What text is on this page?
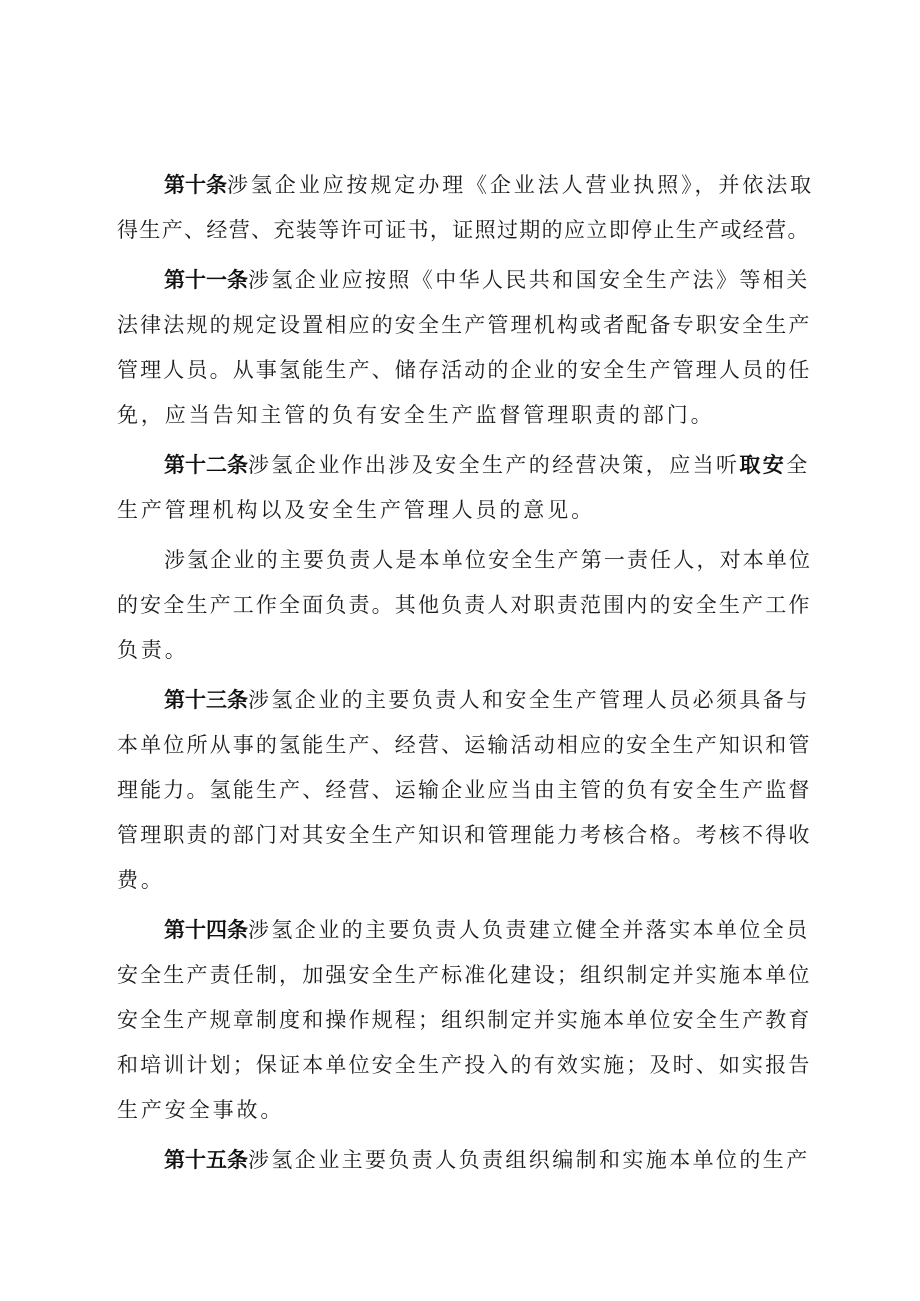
第十条涉氢企业应按规定办理《企业法人营业执照》，并依法取
得生产、经营、充装等许可证书，证照过期的应立即停止生产或经营。
第十一条涉氢企业应按照《中华人民共和国安全生产法》等相关
法律法规的规定设置相应的安全生产管理机构或者配备专职安全生产
管理人员。从事氢能生产、储存活动的企业的安全生产管理人员的任
免，应当告知主管的负有安全生产监督管理职责的部门。
第十二条涉氢企业作出涉及安全生产的经营决策，应当听取安全
生产管理机构以及安全生产管理人员的意见。
涉氢企业的主要负责人是本单位安全生产第一责任人，对本单位
的安全生产工作全面负责。其他负责人对职责范围内的安全生产工作
负责。
第十三条涉氢企业的主要负责人和安全生产管理人员必须具备与
本单位所从事的氢能生产、经营、运输活动相应的安全生产知识和管
理能力。氢能生产、经营、运输企业应当由主管的负有安全生产监督
管理职责的部门对其安全生产知识和管理能力考核合格。考核不得收
费。
第十四条涉氢企业的主要负责人负责建立健全并落实本单位全员
安全生产责任制，加强安全生产标准化建设；组织制定并实施本单位
安全生产规章制度和操作规程；组织制定并实施本单位安全生产教育
和培训计划；保证本单位安全生产投入的有效实施；及时、如实报告
生产安全事故。
第十五条涉氢企业主要负责人负责组织编制和实施本单位的生产
